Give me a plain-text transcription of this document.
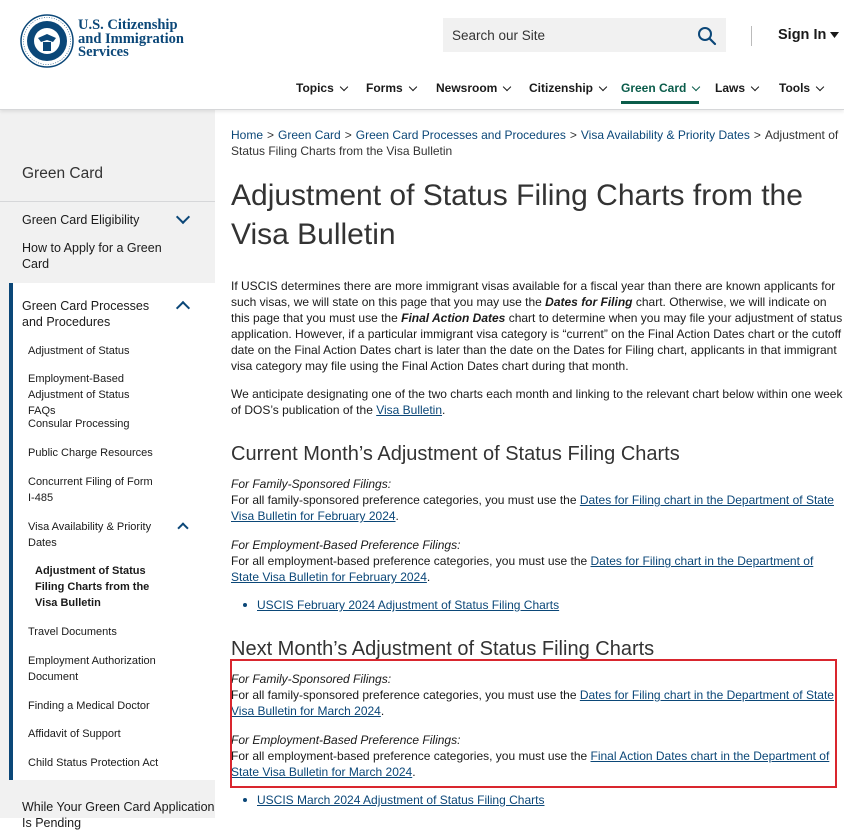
U.S. Citizenship
and Immigration
Services
Search our Site
Sign In
Topics	Forms	Newsroom	Citizenship Green Card Laws	Tools
Green Card
Green Card Eligibility
How to Apply for a Green Card
Green Card Processes and Procedures
Adjustment of Status
Employment-Based Adjustment of Status FAQs
Consular Processing
Public Charge Resources
Concurrent Filing of Form I-485
Visa Availability & Priority Dates
Adjustment of Status Filing Charts from the Visa Bulletin
Travel Documents
Employment Authorization Document
Finding a Medical Doctor
Affidavit of Support
Child Status Protection Act
While Your Green Card Application Is Pending
Home > Green Card > Green Card Processes and Procedures > Visa Availability & Priority Dates > Adjustment of Status Filing Charts from the Visa Bulletin
Adjustment of Status Filing Charts from the Visa Bulletin

If USCIS determines there are more immigrant visas available for a fiscal year than there are known applicants for such visas, we will state on this page that you may use the Dates for Filing chart. Otherwise, we will indicate on this page that you must use the Final Action Dates chart to determine when you may file your adjustment of status application. However, if a particular immigrant visa category is “current” on the Final Action Dates chart or the cutoff date on the Final Action Dates chart is later than the date on the Dates for Filing chart, applicants in that immigrant visa category may file using the Final Action Dates chart during that month.

We anticipate designating one of the two charts each month and linking to the relevant chart below within one week of DOS’s publication of the Visa Bulletin.

Current Month’s Adjustment of Status Filing Charts

For Family-Sponsored Filings:
For all family-sponsored preference categories, you must use the Dates for Filing chart in the Department of State Visa Bulletin for February 2024.

For Employment-Based Preference Filings:
For all employment-based preference categories, you must use the Dates for Filing chart in the Department of State Visa Bulletin for February 2024.

USCIS February 2024 Adjustment of Status Filing Charts
Next Month’s Adjustment of Status Filing Charts

For Family-Sponsored Filings:
For all family-sponsored preference categories, you must use the Dates for Filing chart in the Department of State Visa Bulletin for March 2024.

For Employment-Based Preference Filings:
For all employment-based preference categories, you must use the Final Action Dates chart in the Department of State Visa Bulletin for March 2024.

USCIS March 2024 Adjustment of Status Filing Charts
